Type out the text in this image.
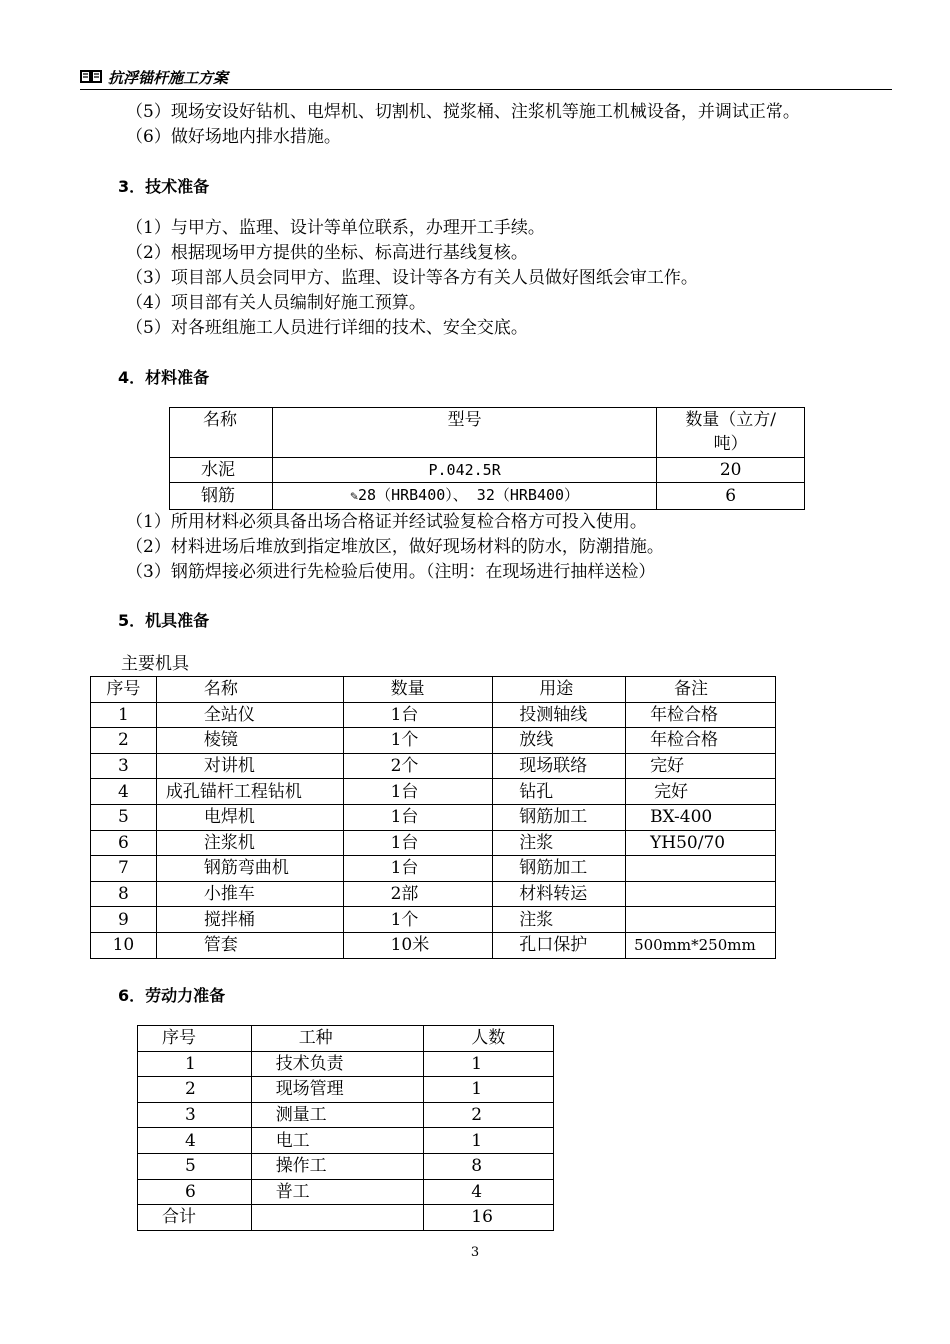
抗浮锚杆施工方案
（5）现场安设好钻机、电焊机、切割机、搅浆桶、注浆机等施工机械设备，并调试正常。
（6）做好场地内排水措施。
3．技术准备
（1）与甲方、监理、设计等单位联系，办理开工手续。
（2）根据现场甲方提供的坐标、标高进行基线复核。
（3）项目部人员会同甲方、监理、设计等各方有关人员做好图纸会审工作。
（4）项目部有关人员编制好施工预算。
（5）对各班组施工人员进行详细的技术、安全交底。
4．材料准备
名称	型号	数量（立方/
吨）

水泥	P.042.5R	20
钢筋	✎28（HRB400）、 32（HRB400）	6
（1）所用材料必须具备出场合格证并经试验复检合格方可投入使用。
（2）材料进场后堆放到指定堆放区，做好现场材料的防水，防潮措施。
（3）钢筋焊接必须进行先检验后使用。（注明：在现场进行抽样送检）
5．机具准备
主要机具
序号	名称	数量	用途	备注
1	全站仪	1台	投测轴线	年检合格
2	棱镜	1个	放线	年检合格
3	对讲机	2个	现场联络	完好
4	成孔锚杆工程钻机	1台	钻孔	完好
5	电焊机	1台	钢筋加工	BX-400
6	注浆机	1台	注浆	YH50/70
7	钢筋弯曲机	1台	钢筋加工	
8	小推车	2部	材料转运	
9	搅拌桶	1个	注浆	
10	管套	10米	孔口保护	500mm*250mm
6．劳动力准备
序号	工种	人数
1	技术负责	1
2	现场管理	1
3	测量工	2
4	电工	1
5	操作工	8
6	普工	4
合计		16
3
